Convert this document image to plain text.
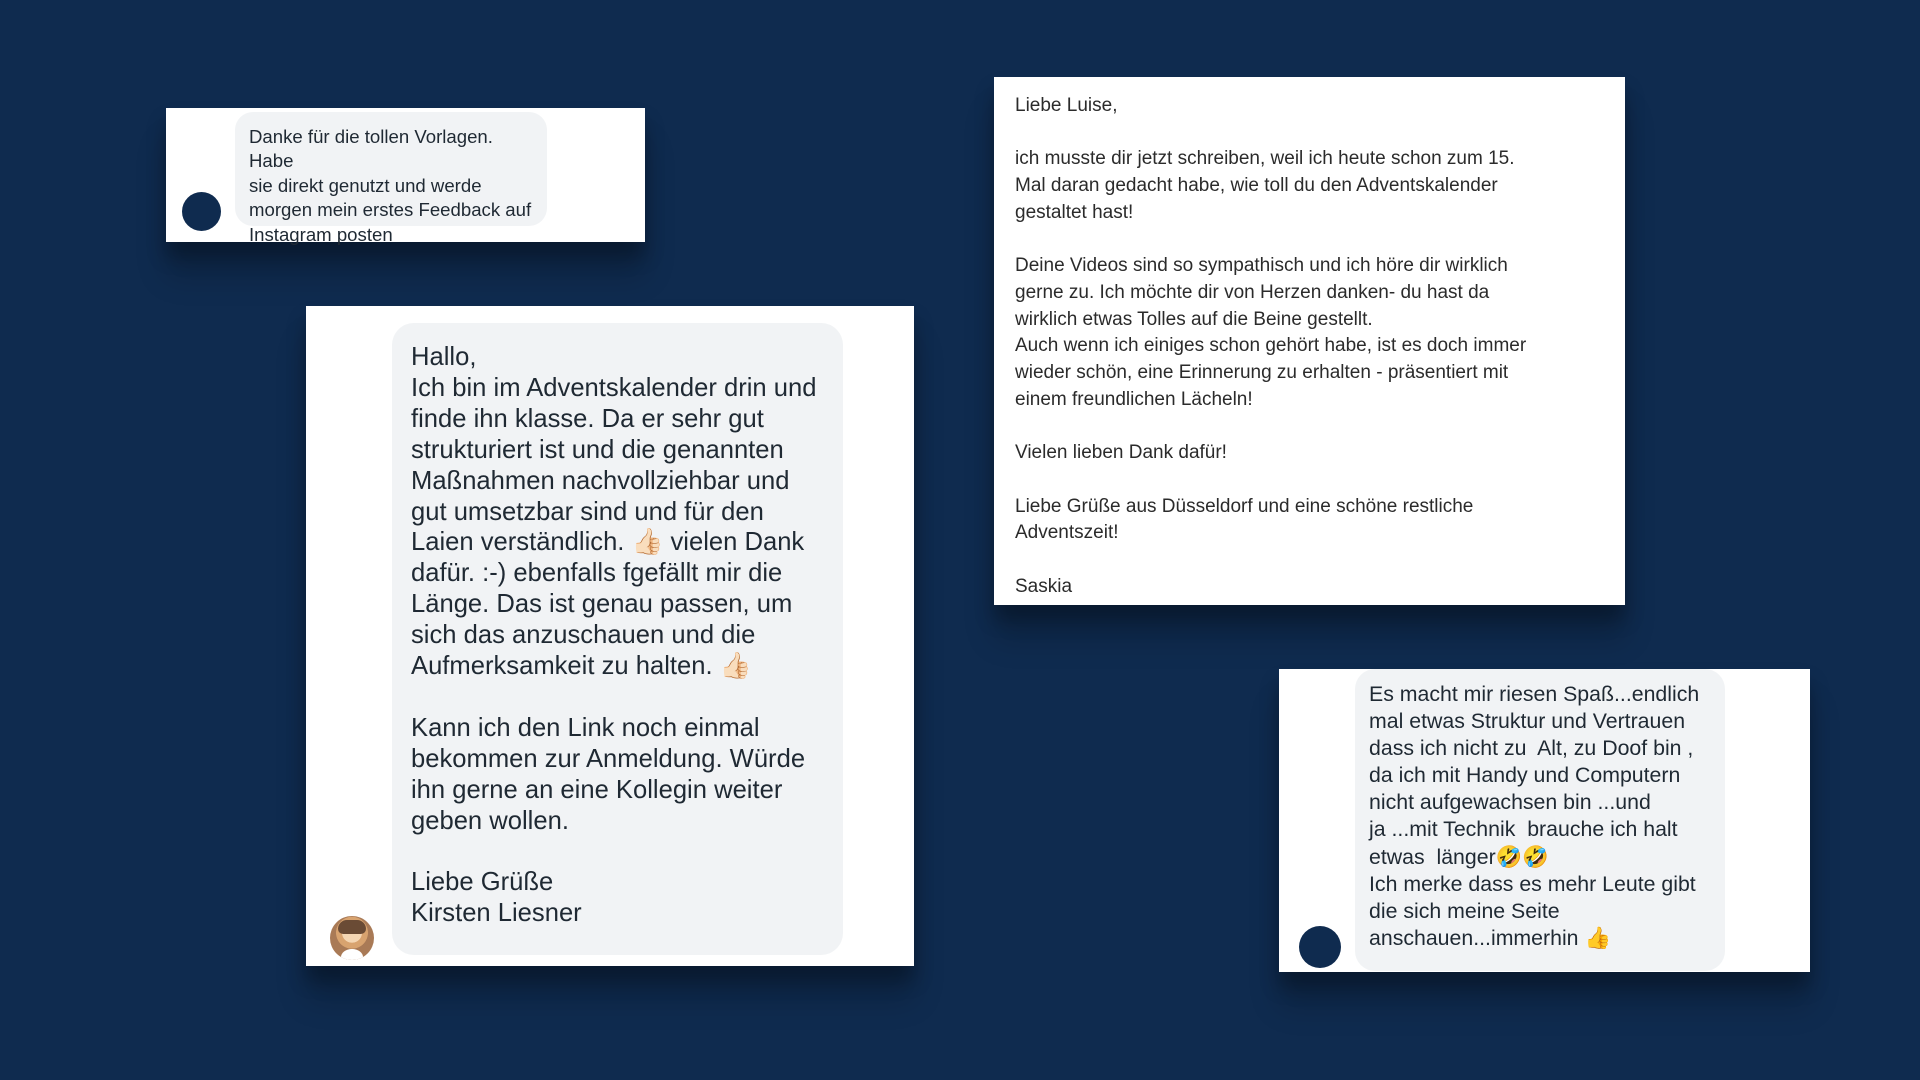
Danke für die tollen Vorlagen. Habe
sie direkt genutzt und werde
morgen mein erstes Feedback auf
Instagram posten
Hallo,
Ich bin im Adventskalender drin und
finde ihn klasse. Da er sehr gut
strukturiert ist und die genannten
Maßnahmen nachvollziehbar und
gut umsetzbar sind und für den
Laien verständlich. 👍🏻 vielen Dank
dafür. :-) ebenfalls fgefällt mir die
Länge. Das ist genau passen, um
sich das anzuschauen und die
Aufmerksamkeit zu halten. 👍🏻

Kann ich den Link noch einmal
bekommen zur Anmeldung. Würde
ihn gerne an eine Kollegin weiter
geben wollen.

Liebe Grüße
Kirsten Liesner
Liebe Luise,

ich musste dir jetzt schreiben, weil ich heute schon zum 15.
Mal daran gedacht habe, wie toll du den Adventskalender
gestaltet hast!

Deine Videos sind so sympathisch und ich höre dir wirklich
gerne zu. Ich möchte dir von Herzen danken- du hast da
wirklich etwas Tolles auf die Beine gestellt.
Auch wenn ich einiges schon gehört habe, ist es doch immer
wieder schön, eine Erinnerung zu erhalten - präsentiert mit
einem freundlichen Lächeln!

Vielen lieben Dank dafür!

Liebe Grüße aus Düsseldorf und eine schöne restliche
Adventszeit!

Saskia
Es macht mir riesen Spaß...endlich
mal etwas Struktur und Vertrauen
dass ich nicht zu  Alt, zu Doof bin ,
da ich mit Handy und Computern
nicht aufgewachsen bin ...und
ja ...mit Technik  brauche ich halt
etwas  länger🤣🤣
Ich merke dass es mehr Leute gibt
die sich meine Seite
anschauen...immerhin 👍
